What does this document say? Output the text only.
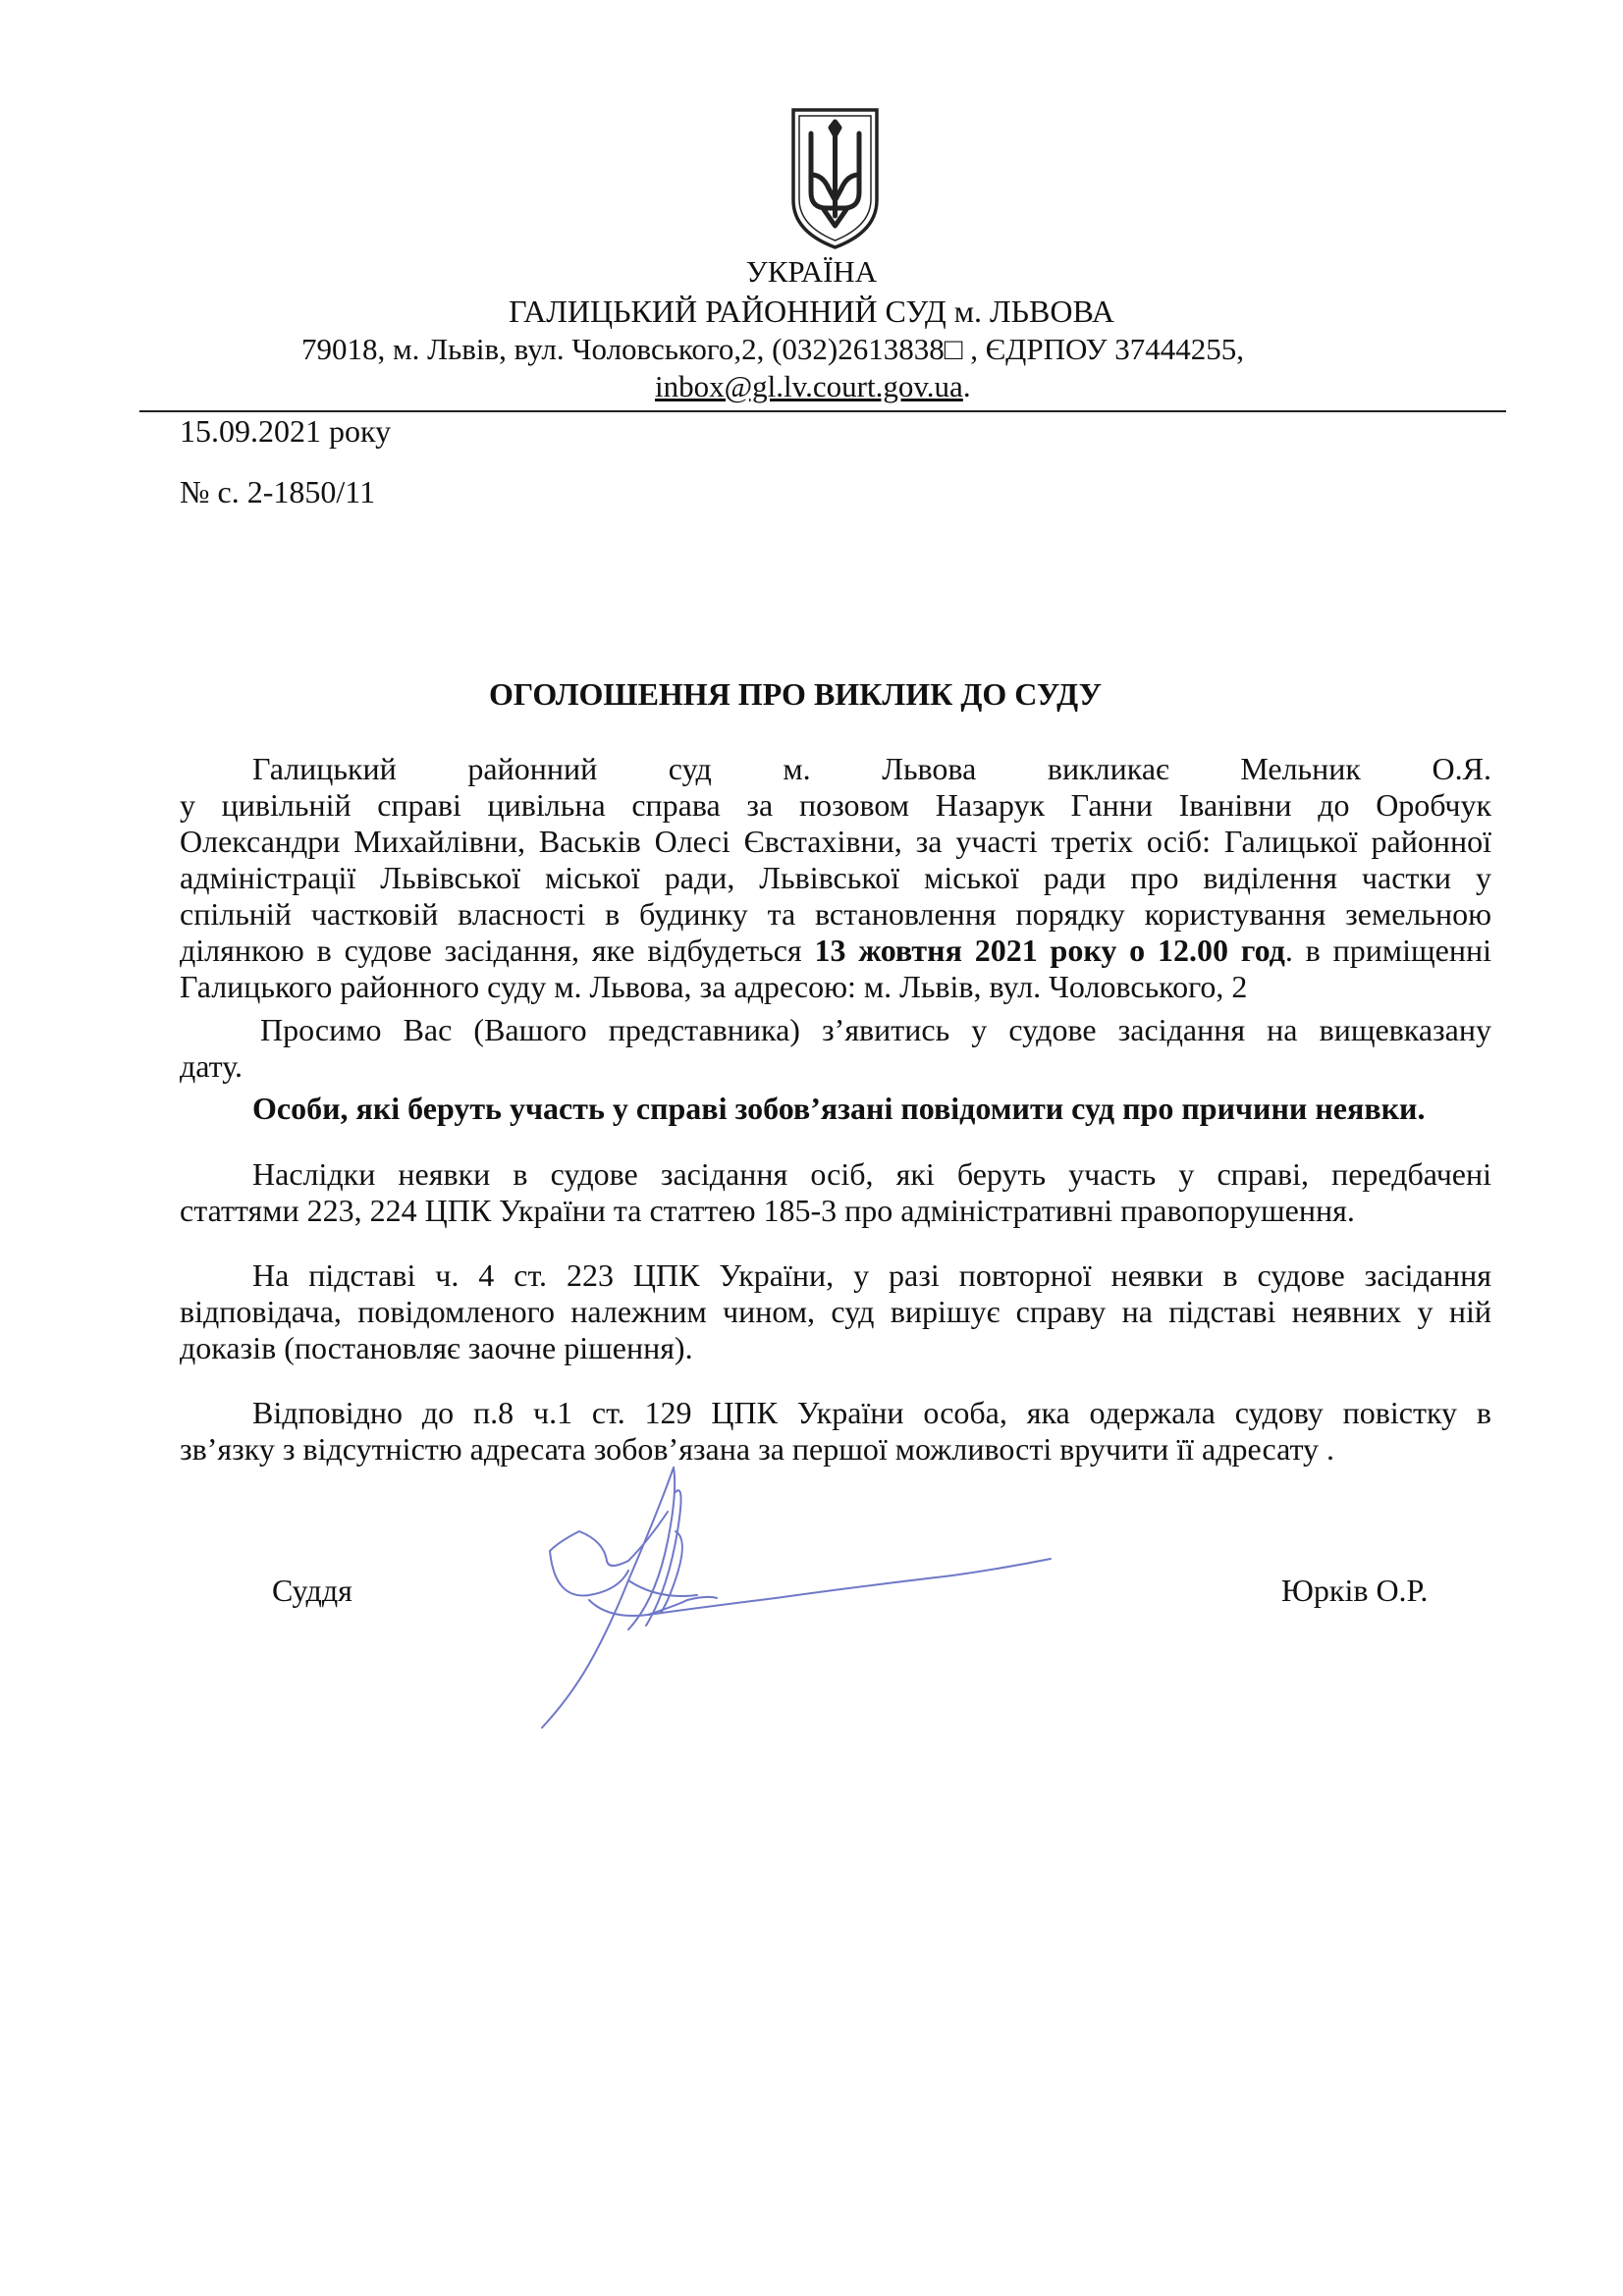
УКРАЇНА
ГАЛИЦЬКИЙ РАЙОННИЙ СУД м. ЛЬВОВА
79018, м. Львів, вул. Чоловського,2, (032)2613838□ , ЄДРПОУ 37444255,
inbox@gl.lv.court.gov.ua.
15.09.2021 року
№ с. 2-1850/11
ОГОЛОШЕННЯ ПРО ВИКЛИК ДО СУДУ
Галицький районний суд м. Львова викликає Мельник О.Я.
у цивільній справі цивільна справа за позовом Назарук Ганни Іванівни до Оробчук
Олександри Михайлівни, Васьків Олесі Євстахівни, за участі третіх осіб: Галицької районної
адміністрації Львівської міської ради, Львівської міської ради про виділення частки у
спільній частковій власності в будинку та встановлення порядку користування земельною
ділянкою в судове засідання, яке відбудеться 13 жовтня 2021 року о 12.00 год. в приміщенні
Галицького районного суду м. Львова, за адресою: м. Львів, вул. Чоловського, 2
Просимо Вас (Вашого представника) з’явитись у судове засідання на вищевказану
дату.
Особи, які беруть участь у справі зобов’язані повідомити суд про причини неявки.
Наслідки неявки в судове засідання осіб, які беруть участь у справі, передбачені
статтями 223, 224 ЦПК України та статтею 185-3 про адміністративні правопорушення.
На підставі ч. 4 ст. 223 ЦПК України, у разі повторної неявки в судове засідання
відповідача, повідомленого належним чином, суд вирішує справу на підставі неявних у ній
доказів (постановляє заочне рішення).
Відповідно до п.8 ч.1 ст. 129 ЦПК України особа, яка одержала судову повістку в
зв’язку з відсутністю адресата зобов’язана за першої можливості вручити її адресату .
Суддя	Юрків О.Р.
